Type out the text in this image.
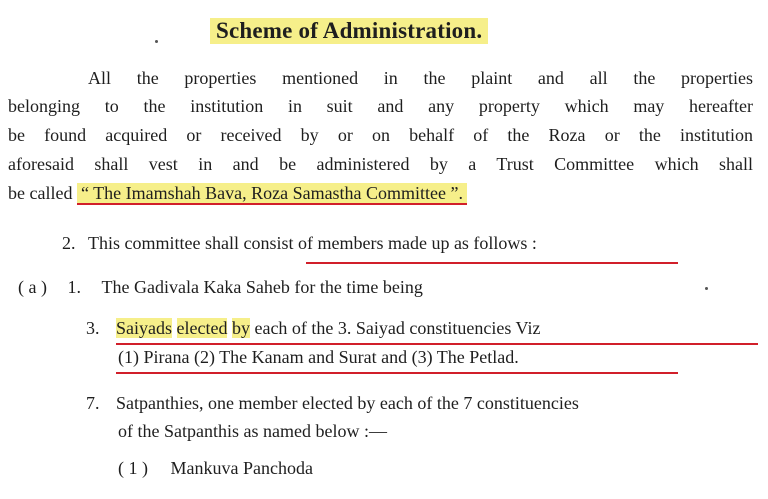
Scheme of Administration.
All the properties mentioned in the plaint and all the properties
belonging to the institution in suit and any property which may hereafter
be found acquired or received by or on behalf of the Roza or the institution
aforesaid shall vest in and be administered by a Trust Committee which shall
be called “ The Imamshah Bava, Roza Samastha Committee ”.
2. This committee shall consist of members made up as follows :
( a ) 1. The Gadivala Kaka Saheb for the time being
3. Saiyads elected by each of the 3. Saiyad constituencies Viz
(1) Pirana (2) The Kanam and Surat and (3) The Petlad.
7. Satpanthies, one member elected by each of the 7 constituencies
of the Satpanthis as named below :—
( 1 ) Mankuva Panchoda
